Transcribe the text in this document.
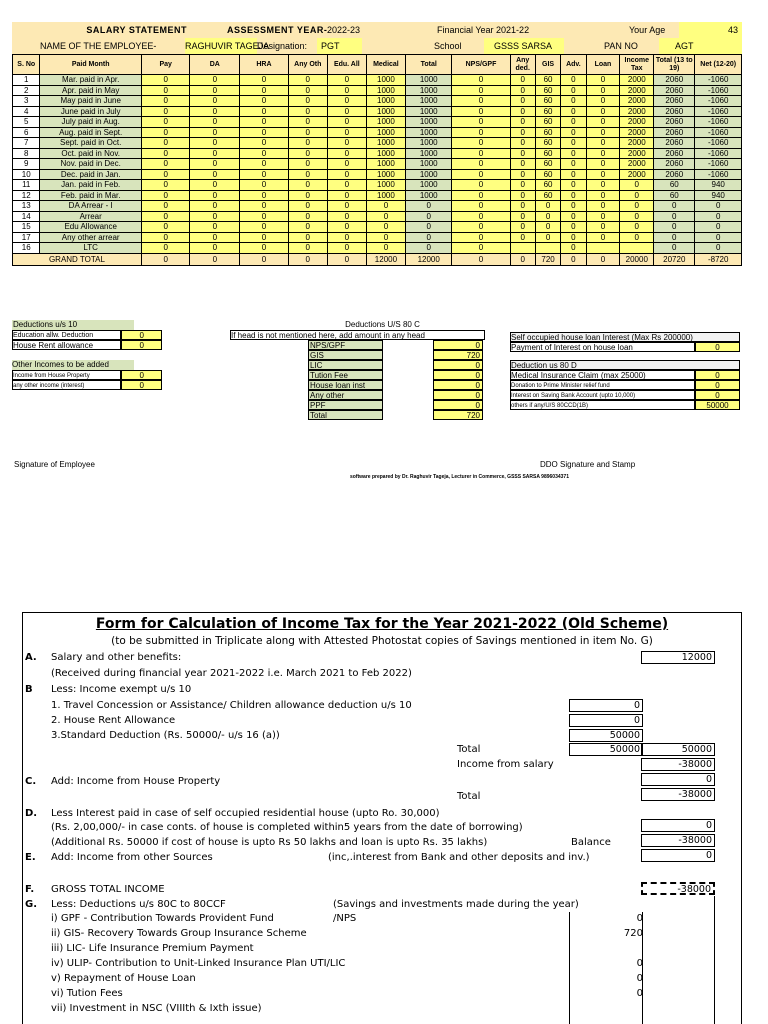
SALARY STATEMENT	ASSESSMENT YEAR- 2022-23	Financial Year 2021-22	Your Age	43
NAME OF THE EMPLOYEE-	RAGHUVIR TAGEJA
Designation:	PGT	School	GSSS SARSA	PAN NO	AGT
S. No	Paid Month	Pay	DA	HRA	Any Oth	Edu. All	Medical	Total	NPS/GPF	Any ded.	GIS	Adv.	Loan	Income Tax	Total (13 to 19)	Net (12-20)
1	Mar. paid in Apr.	0	0	0	0	0	1000	1000	0	0	60	0	0	2000	2060	-1060
2	Apr. paid in May	0	0	0	0	0	1000	1000	0	0	60	0	0	2000	2060	-1060
3	May paid in June	0	0	0	0	0	1000	1000	0	0	60	0	0	2000	2060	-1060
4	June paid in July	0	0	0	0	0	1000	1000	0	0	60	0	0	2000	2060	-1060
5	July paid in Aug.	0	0	0	0	0	1000	1000	0	0	60	0	0	2000	2060	-1060
6	Aug. paid in Sept.	0	0	0	0	0	1000	1000	0	0	60	0	0	2000	2060	-1060
7	Sept. paid in Oct.	0	0	0	0	0	1000	1000	0	0	60	0	0	2000	2060	-1060
8	Oct. paid in Nov.	0	0	0	0	0	1000	1000	0	0	60	0	0	2000	2060	-1060
9	Nov. paid in Dec.	0	0	0	0	0	1000	1000	0	0	60	0	0	2000	2060	-1060
10	Dec. paid in Jan.	0	0	0	0	0	1000	1000	0	0	60	0	0	2000	2060	-1060
11	Jan. paid in Feb.	0	0	0	0	0	1000	1000	0	0	60	0	0	0	60	940
12	Feb. paid in Mar.	0	0	0	0	0	1000	1000	0	0	60	0	0	0	60	940
13	DA Arrear - I	0	0	0	0	0	0	0	0	0	0	0	0	0	0	0
14	Arrear	0	0	0	0	0	0	0	0	0	0	0	0	0	0	0
15	Edu Allowance	0	0	0	0	0	0	0	0	0	0	0	0	0	0	0
17	Any other arrear	0	0	0	0	0	0	0	0	0	0	0	0	0	0	0
16	LTC	0	0	0	0	0	0	0	0			0			0	0
GRAND TOTAL		0	0	0	0	0	12000	12000	0	0	720	0	0	20000	20720	-8720
Deductions u/s 10
Education allw. Deduction	0
House Rent allowance	0
Other Incomes to be added
Income from House Property	0
any other income (interest)	0
Deductions U/S 80 C
If head is not mentioned here, add amount in any head
NPS/GPF	0
GIS	720
LIC	0
Tution Fee	0
House loan inst	0
Any other	0
PPF	0
Total	720
Self occupied house loan Interest (Max Rs 200000)
Payment of Interest on house loan	0
Deduction us 80 D
Medical Insurance Claim (max 25000)	0
Donation to Prime Minister relief fund	0
Interest on Saving Bank Account (upto 10,000)	0
others if any/U/S 80CCD(1B)	50000
Signature of Employee	DDO Signature and Stamp
software prepared by Dr. Raghuvir Tageja, Lecturer in Commerce, GSSS SARSA 9896034371
Form for Calculation of Income Tax for the Year 2021-2022 (Old Scheme)
(to be submitted in Triplicate along with Attested Photostat copies of Savings mentioned in item No. G)
A. Salary and other benefits:	12000
(Received during financial year 2021-2022 i.e. March 2021 to Feb 2022)
B Less: Income exempt u/s 10
1. Travel Concession or Assistance/ Children allowance deduction u/s 10	0
2. House Rent Allowance	0
3.Standard Deduction (Rs. 50000/- u/s 16 (a))	50000
Total	50000	50000
Income from salary	-38000
C. Add: Income from House Property	0
Total	-38000
D. Less Interest paid in case of self occupied residential house (upto Ro. 30,000)
(Rs. 2,00,000/- in case conts. of house is completed within5 years from the date of borrowing)	0
(Additional Rs. 50000 if cost of house is upto Rs 50 lakhs and loan is upto Rs. 35 lakhs)	Balance	-38000
E. Add: Income from other Sources	(inc,.interest from Bank and other deposits and inv.)	0
F. GROSS TOTAL INCOME	-38000
G. Less: Deductions u/s 80C to 80CCF	(Savings and investments made during the year)
i) GPF - Contribution Towards Provident Fund	/NPS	0
ii) GIS- Recovery Towards Group Insurance Scheme	720
iii) LIC- Life Insurance Premium Payment
iv) ULIP- Contribution to Unit-Linked Insurance Plan UTI/LIC	0
v) Repayment of House Loan	0
vi) Tution Fees	0
vii) Investment in NSC (VIIIth & Ixth issue)
